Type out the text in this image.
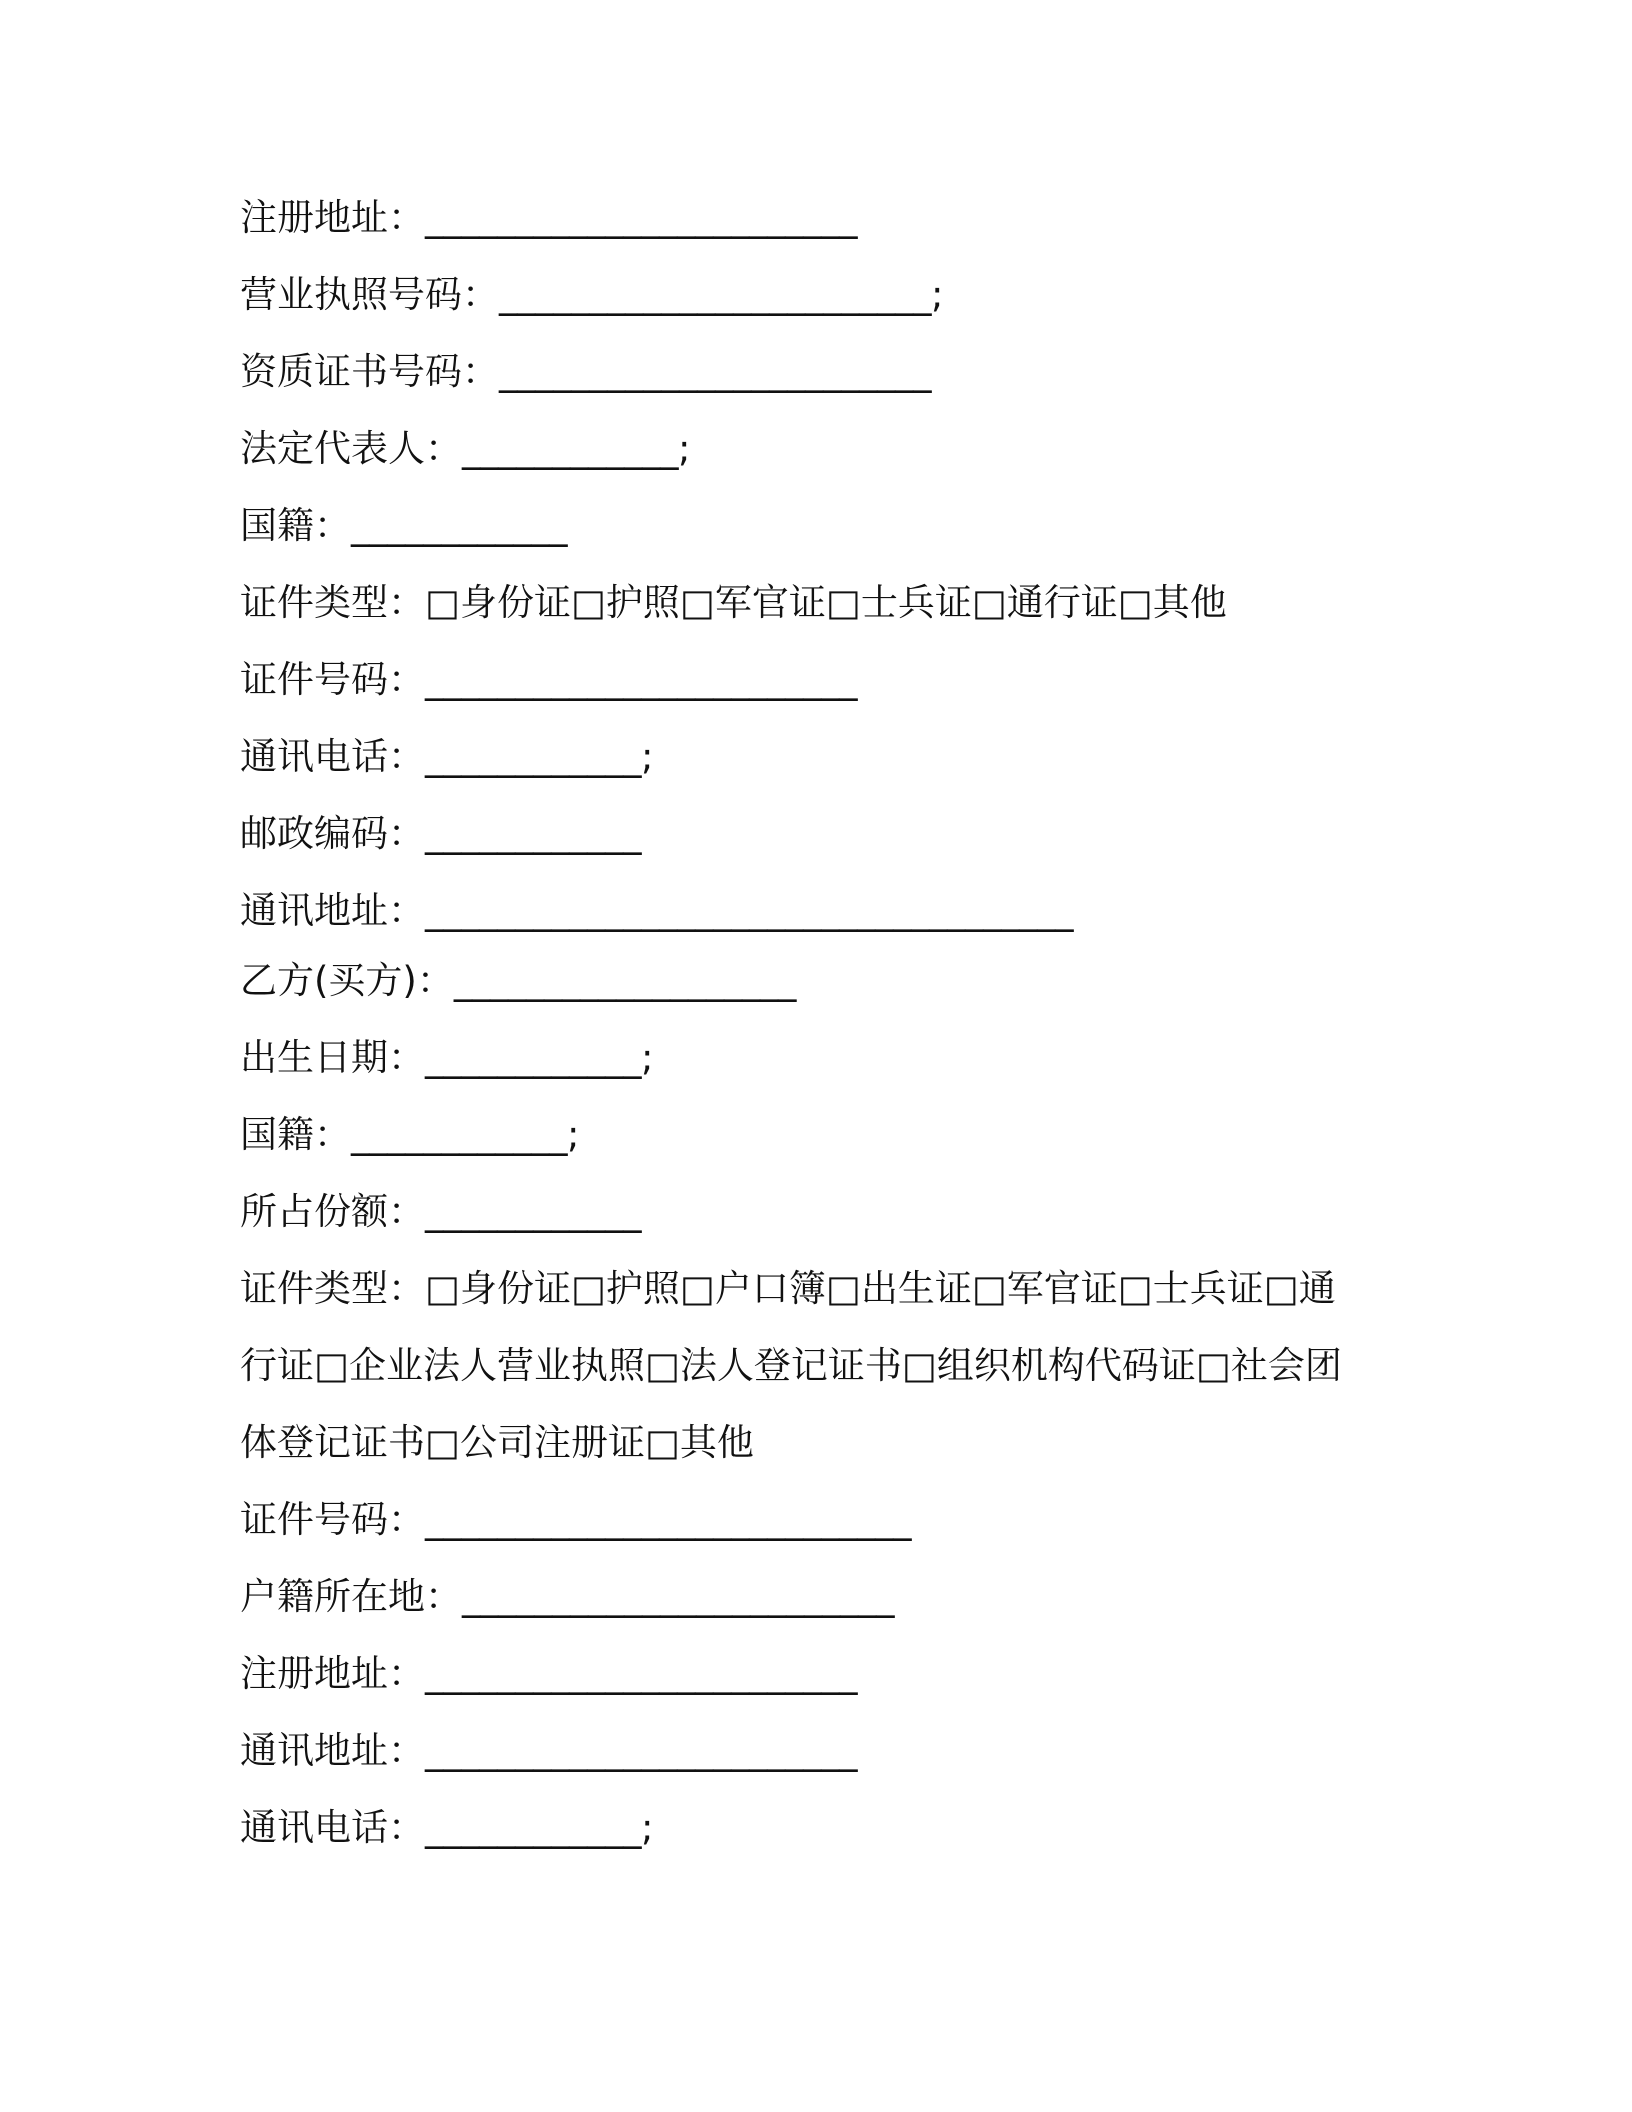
注册地址：________________________
营业执照号码：________________________;
资质证书号码：________________________
法定代表人：____________;
国籍：____________
证件类型：□身份证□护照□军官证□士兵证□通行证□其他
证件号码：________________________
通讯电话：____________;
邮政编码：____________
通讯地址：____________________________________
乙方(买方)：___________________
出生日期：____________;
国籍：____________;
所占份额：____________
证件类型：□身份证□护照□户口簿□出生证□军官证□士兵证□通
行证□企业法人营业执照□法人登记证书□组织机构代码证□社会团
体登记证书□公司注册证□其他
证件号码：___________________________
户籍所在地：________________________
注册地址：________________________
通讯地址：________________________
通讯电话：____________;
